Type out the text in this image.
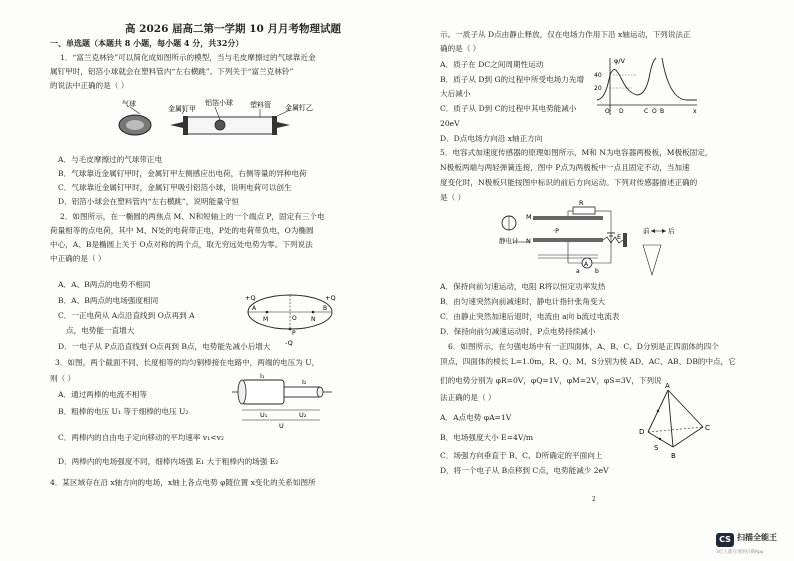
高 2026 届高二第一学期 10 月月考物理试题
一、单选题（本题共 8 小题，每小题 4 分，共32分）
1．“富兰克林铃”可以简化成如图所示的模型，当与毛皮摩擦过的气球靠近金
属钉甲时，铝箔小球就会在塑料管内“左右横跳”。下列关于“富兰克林铃”
的说法中正确的是（ ）
A．与毛皮摩擦过的气球带正电
B．气球靠近金属钉甲时，金属钉甲左侧感应出电荷，右侧等量的异种电荷
C．气球靠近金属钉甲时，金属钉甲吸引铝箔小球，说明电荷可以创生
D．铝箔小球会在塑料管内“左右横跳”，说明能量守恒
2．如图所示，在一椭圆的两焦点 M、N和短轴上的一个端点 P，固定有三个电
荷量相等的点电荷，其中 M、N处的电荷带正电，P处的电荷带负电，O为椭圆
中心，A、B是椭圆上关于 O点对称的两个点，取无穷远处电势为零。下列说法
中正确的是（ ）
A．A、B两点的电势不相同
B．A、B两点的电场强度相同
C．一正电荷从 A点沿直线到 O点再到 A
点，电势能一直增大
D．一电子从 P点沿直线到 O点再到 B点，电势能先减小后增大
3．如图，两个截面不同、长度相等的均匀铜棒接在电路中，两端的电压为 U，
则（ ）
A．通过两棒的电流不相等
B．粗棒的电压 U₁ 等于细棒的电压 U₂
C．两棒内的自由电子定向移动的平均速率 v₁<v₂
D．两棒内的电场强度不同，细棒内场强 E₁ 大于粗棒内的场强 E₂
4．某区域存在沿 x轴方向的电场，x轴上各点电势 φ随位置 x变化的关系如图所
示。一质子从 D点由静止释放，仅在电场力作用下沿 x轴运动，下列说法正
确的是（ ）
A．质子在 DC之间周期性运动
B．质子从 D到 G的过程中所受电场力先增
大后减小
C．质子从 D到 C的过程中其电势能减小
20eV
D．D点电场方向沿 x轴正方向
5．电容式加速度传感器的原理如图所示，M和 N为电容器两极板，M极板固定，
N极板两端与两轻弹簧连接，图中 P点为两极板中一点且固定不动，当加速
度变化时，N极板只能按图中标识的前后方向运动。下列对传感器描述正确的
是（ ）
A．保持向前匀速运动，电阻 R将以恒定功率发热
B．由匀速突然向前减速时，静电计指针张角变大
C．由静止突然加速后退时，电流由 a向 b流过电流表
D．保持向前匀减速运动时，P点电势持续减小
6．如图所示，在匀强电场中有一正四面体，A、B、C、D分别是正四面体的四个
顶点，四面体的棱长 L=1.0m，R、Q、M、S分别为棱 AD、AC、AB、DB的中点，它
们的电势分别为 φR=0V，φQ=1V，φM=2V，φS=3V，下列说
法正确的是（ ）
A．A点电势 φA=1V
B．电场强度大小 E=4V/m
C．场强方向垂直于 B、C、D所确定的平面向上
D．将一个电子从 B点移到 C点，电势能减少 2eV
气球
金属钉甲
铝箔小球 塑料管 金属钉乙
+Q	+Q
-Q
M	O N
A	B
P
I₁
I₂
U₁	U₂
U
φ/V
40
20
O D	C O B	x
M
N
·P
R
E
A
a	b
静电计
前	后
A
B
C
D
S
2
CS 扫描全能王
3亿人都在用的扫描App
